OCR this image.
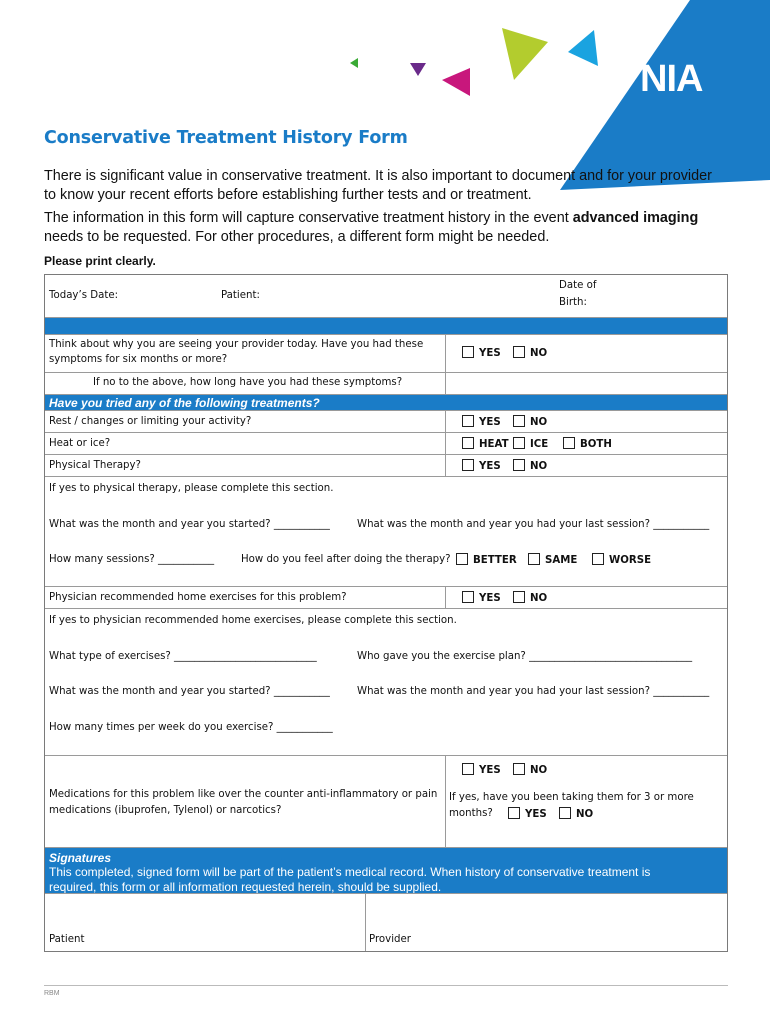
NIA
Conservative Treatment History Form
There is significant value in conservative treatment. It is also important to document and for your provider to know your recent efforts before establishing further tests and or treatment.
The information in this form will capture conservative treatment history in the event advanced imaging needs to be requested. For other procedures, a different form might be needed.
Please print clearly.
Today’s Date:	Patient:
Date of
Birth:
Think about why you are seeing your provider today. Have you had these
symptoms for six months or more?
YES	NO
If no to the above, how long have you had these symptoms?
Have you tried any of the following treatments?
Rest / changes or limiting your activity?	YES	NO
Heat or ice?	HEAT	ICE	BOTH
Physical Therapy?	YES	NO
If yes to physical therapy, please complete this section.
What was the month and year you started? ___________	What was the month and year you had your last session? ___________
How many sessions? ___________	How do you feel after doing the therapy?	BETTER	SAME	WORSE
Physician recommended home exercises for this problem?	YES	NO
If yes to physician recommended home exercises, please complete this section.
What type of exercises? ____________________________	Who gave you the exercise plan? ________________________________
What was the month and year you started? ___________	What was the month and year you had your last session? ___________
How many times per week do you exercise? ___________
Medications for this problem like over the counter anti-inflammatory or pain
medications (ibuprofen, Tylenol) or narcotics?
YES	NO
If yes, have you been taking them for 3 or more
months?	YES	NO
Signatures
This completed, signed form will be part of the patient’s medical record. When history of conservative treatment is
required, this form or all information requested herein, should be supplied.
Patient	Provider
RBM
